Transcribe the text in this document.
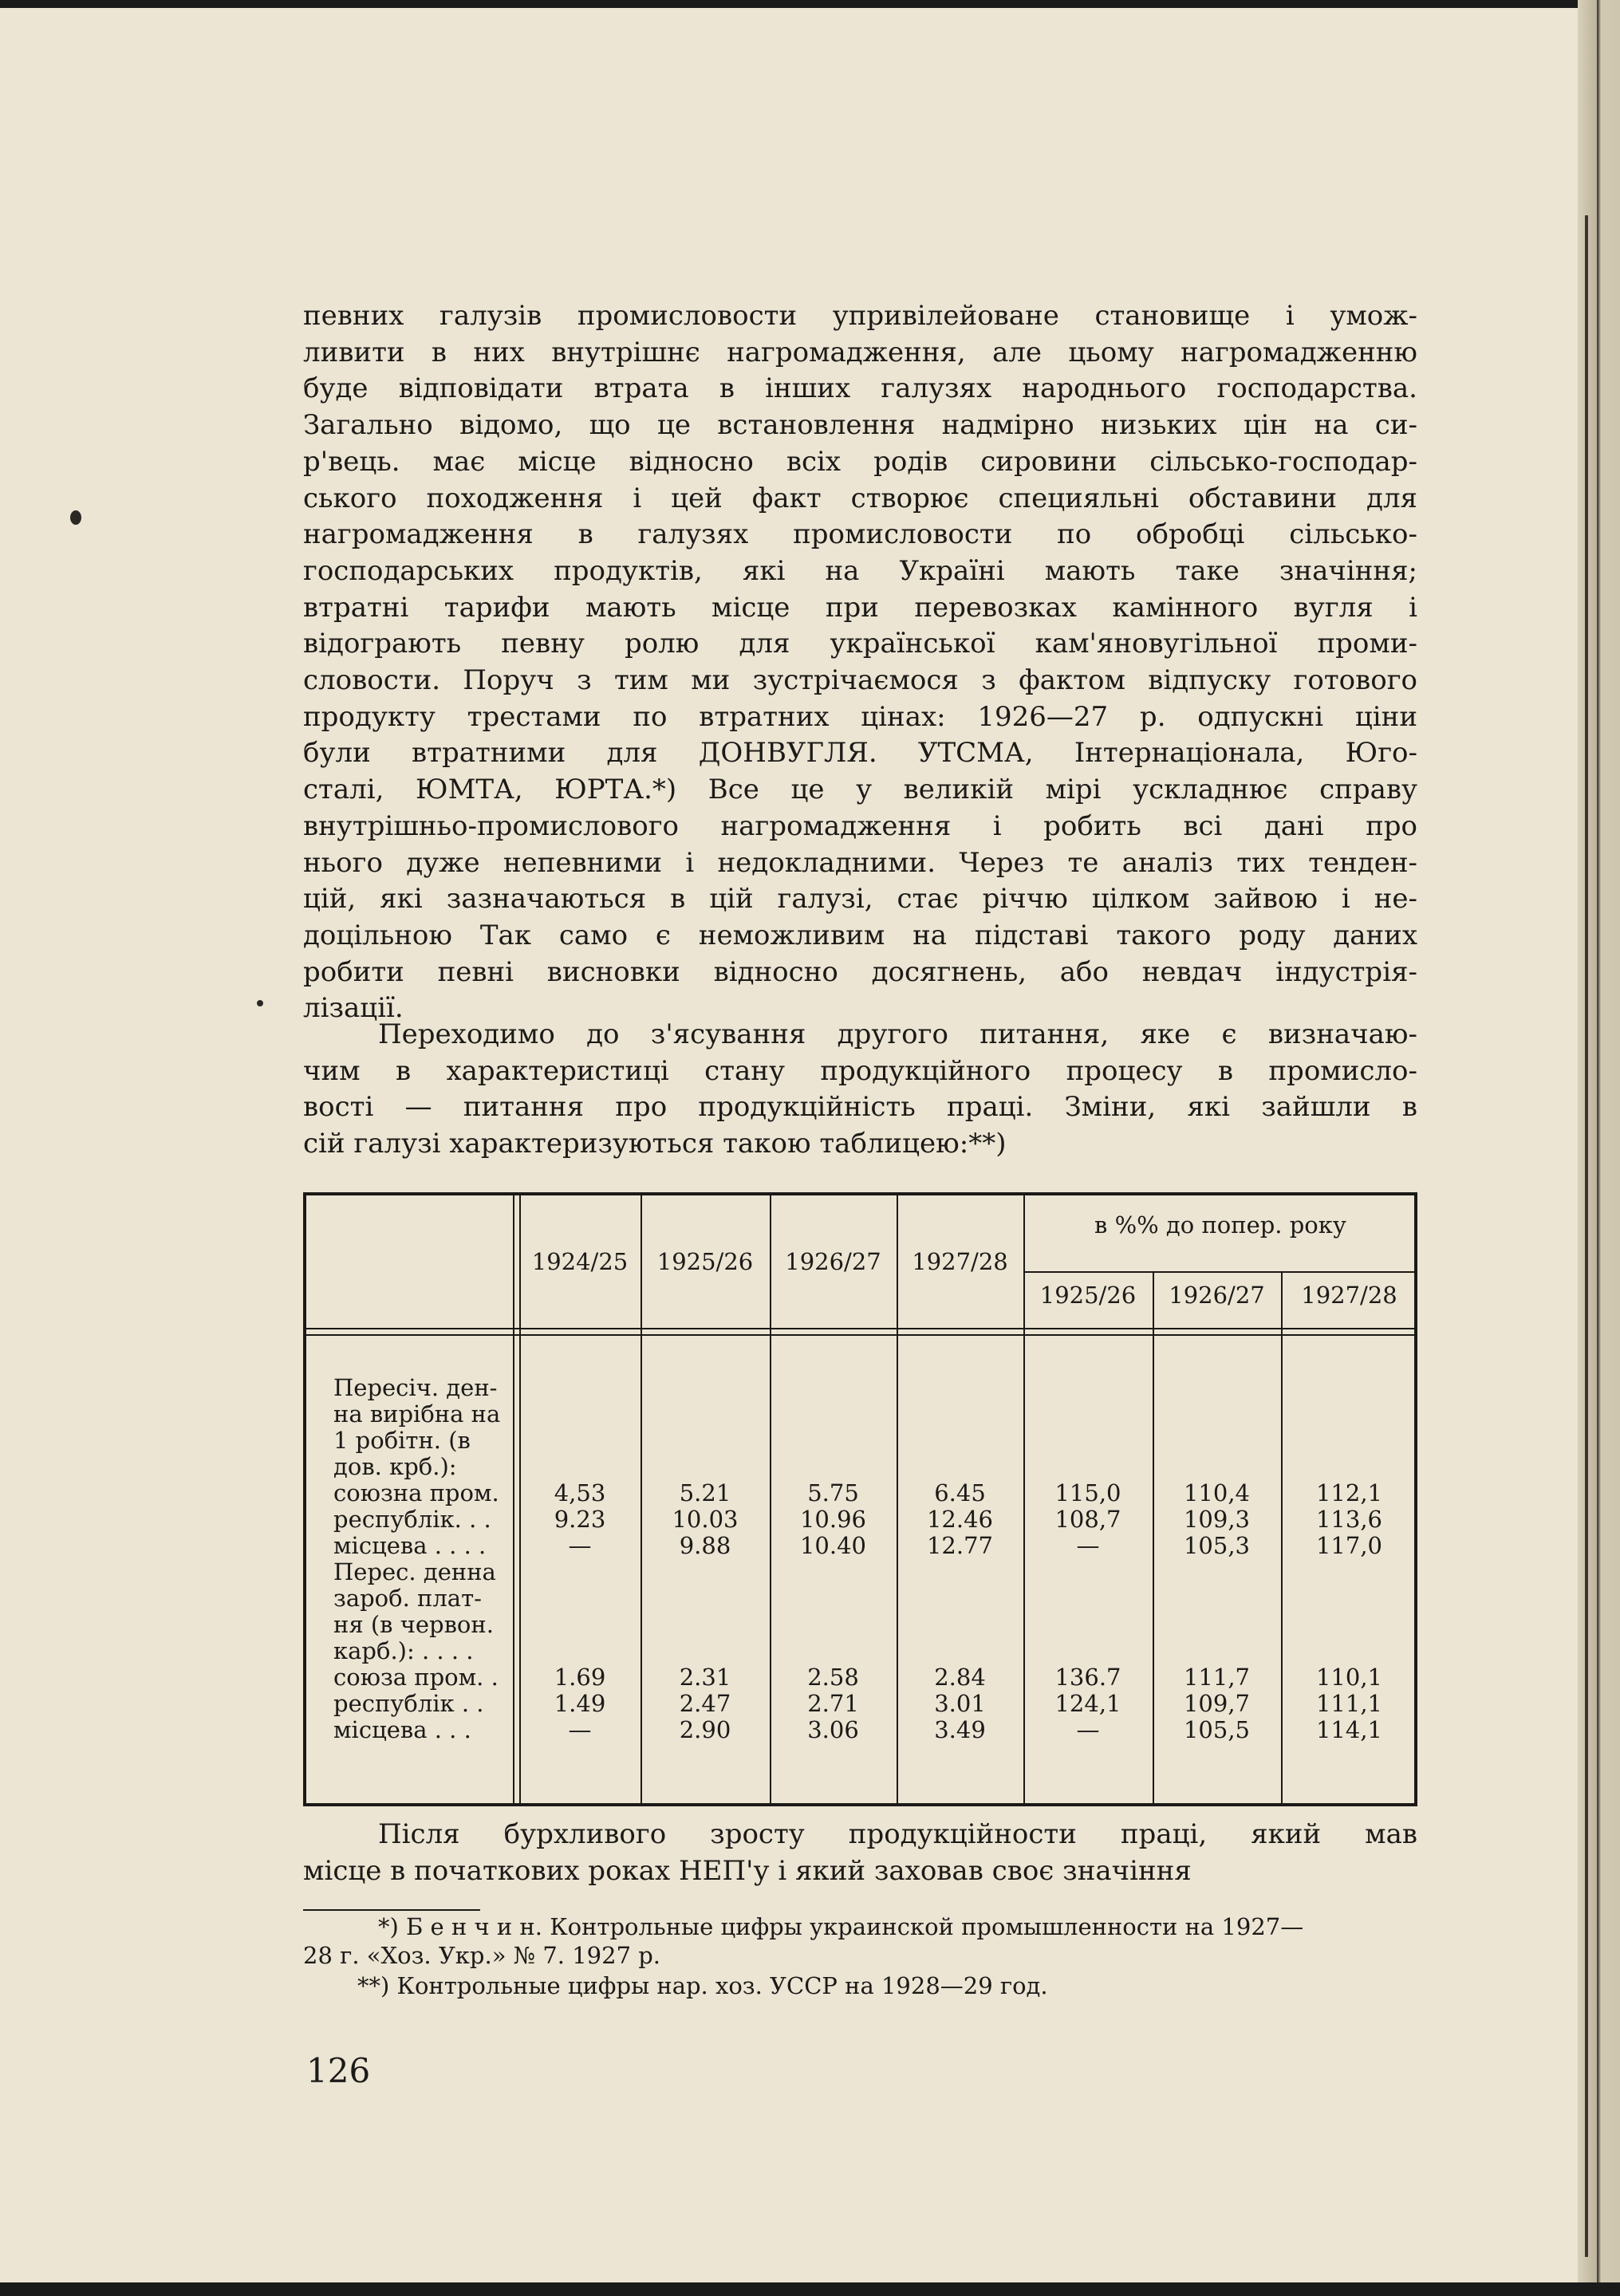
певних галузів промисловости упривілейоване становище і умож-
ливити в них внутрішнє нагромадження, але цьому нагромадженню
буде відповідати втрата в інших галузях народнього господарства.
Загально відомо, що це встановлення надмірно низьких цін на си-
р'вець. має місце відносно всіх родів сировини сільсько-господар-
ського походження і цей факт створює специяльні обставини для
нагромадження в галузях промисловости по обробці сільсько-
господарських продуктів, які на Україні мають таке значіння;
втратні тарифи мають місце при перевозках камінного вугля і
відограють певну ролю для української кам'яновугільної проми-
словости. Поруч з тим ми зустрічаємося з фактом відпуску готового
продукту трестами по втратних цінах: 1926—27 р. одпускні ціни
були втратними для ДОНВУГЛЯ. УТСМА, Інтернаціонала, Юго-
сталі, ЮМТА, ЮРТА.*) Все це у великій мірі ускладнює справу
внутрішньо-промислового нагромадження і робить всі дані про
нього дуже непевними і недокладними. Через те аналіз тих тенден-
цій, які зазначаються в цій галузі, стає річчю цілком зайвою і не-
доцільною Так само є неможливим на підставі такого роду даних
робити певні висновки відносно досягнень, або невдач індустрія-
лізації.
Переходимо до з'ясування другого питання, яке є визначаю-
чим в характеристиці стану продукційного процесу в промисло-
вості — питання про продукційність праці. Зміни, які зайшли в
сій галузі характеризуються такою таблицею:**)
1924/25	1925/26	1926/27	1927/28
в %% до попер. року
1925/26	1926/27	1927/28
Пересіч. ден-
на вирібна на
1 робітн. (в
дов. крб.):
союзна пром.	4,53	5.21	5.75	6.45	115,0	110,4	112,1
республік. . .	9.23	10.03	10.96	12.46	108,7	109,3	113,6
місцева . . . .	—	9.88	10.40	12.77	—	105,3	117,0
Перес. денна
зароб. плат-
ня (в червон.
карб.): . . . .
союза пром. .	1.69	2.31	2.58	2.84	136.7	111,7	110,1
республік . .	1.49	2.47	2.71	3.01	124,1	109,7	111,1
місцева . . .	—	2.90	3.06	3.49	—	105,5	114,1
Після бурхливого зросту продукційности праці, який мав
місце в початкових роках НЕП'у і який заховав своє значіння
*) Б е н ч и н. Контрольные цифры украинской промышленности на 1927—
28 г. «Хоз. Укр.» № 7. 1927 р.
**) Контрольные цифры нар. хоз. УССР на 1928—29 год.
126
